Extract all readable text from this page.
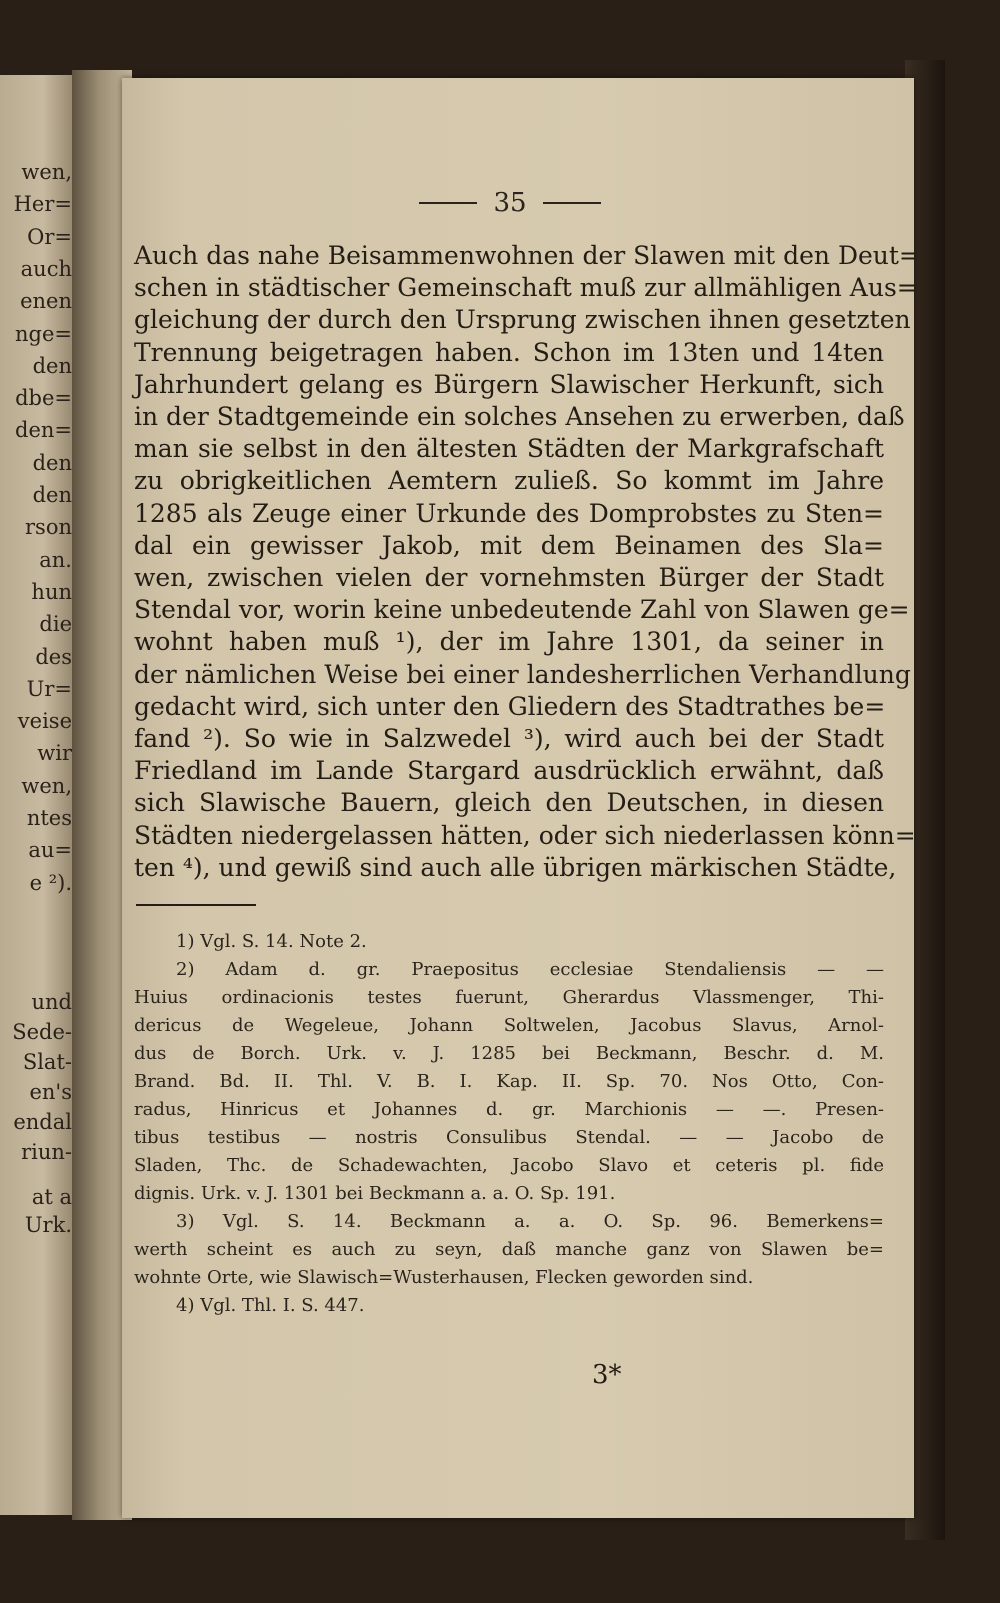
wen,
Her=
Or=
auch
enen
nge=
den
dbe=
den=
den
den
rson
an.
hun
die
des
Ur=
veise
wir
wen,
ntes
au=
e ²).
und
Sede-
Slat-
en's
endal
riun-
at a
Urk.
35
Auch das nahe Beisammenwohnen der Slawen mit den Deut=
schen in städtischer Gemeinschaft muß zur allmähligen Aus=
gleichung der durch den Ursprung zwischen ihnen gesetzten
Trennung beigetragen haben. Schon im 13ten und 14ten
Jahrhundert gelang es Bürgern Slawischer Herkunft, sich
in der Stadtgemeinde ein solches Ansehen zu erwerben, daß
man sie selbst in den ältesten Städten der Markgrafschaft
zu obrigkeitlichen Aemtern zuließ. So kommt im Jahre
1285 als Zeuge einer Urkunde des Domprobstes zu Sten=
dal ein gewisser Jakob, mit dem Beinamen des Sla=
wen, zwischen vielen der vornehmsten Bürger der Stadt
Stendal vor, worin keine unbedeutende Zahl von Slawen ge=
wohnt haben muß ¹), der im Jahre 1301, da seiner in
der nämlichen Weise bei einer landesherrlichen Verhandlung
gedacht wird, sich unter den Gliedern des Stadtrathes be=
fand ²). So wie in Salzwedel ³), wird auch bei der Stadt
Friedland im Lande Stargard ausdrücklich erwähnt, daß
sich Slawische Bauern, gleich den Deutschen, in diesen
Städten niedergelassen hätten, oder sich niederlassen könn=
ten ⁴), und gewiß sind auch alle übrigen märkischen Städte,
1) Vgl. S. 14. Note 2.
2) Adam d. gr. Praepositus ecclesiae Stendaliensis — —
Huius ordinacionis testes fuerunt, Gherardus Vlassmenger, Thi-
dericus de Wegeleue, Johann Soltwelen, Jacobus Slavus, Arnol-
dus de Borch. Urk. v. J. 1285 bei Beckmann, Beschr. d. M.
Brand. Bd. II. Thl. V. B. I. Kap. II. Sp. 70. Nos Otto, Con-
radus, Hinricus et Johannes d. gr. Marchionis — —. Presen-
tibus testibus — nostris Consulibus Stendal. — — Jacobo de
Sladen, Thc. de Schadewachten, Jacobo Slavo et ceteris pl. fide
dignis. Urk. v. J. 1301 bei Beckmann a. a. O. Sp. 191.
3) Vgl. S. 14. Beckmann a. a. O. Sp. 96. Bemerkens=
werth scheint es auch zu seyn, daß manche ganz von Slawen be=
wohnte Orte, wie Slawisch=Wusterhausen, Flecken geworden sind.
4) Vgl. Thl. I. S. 447.
3*
